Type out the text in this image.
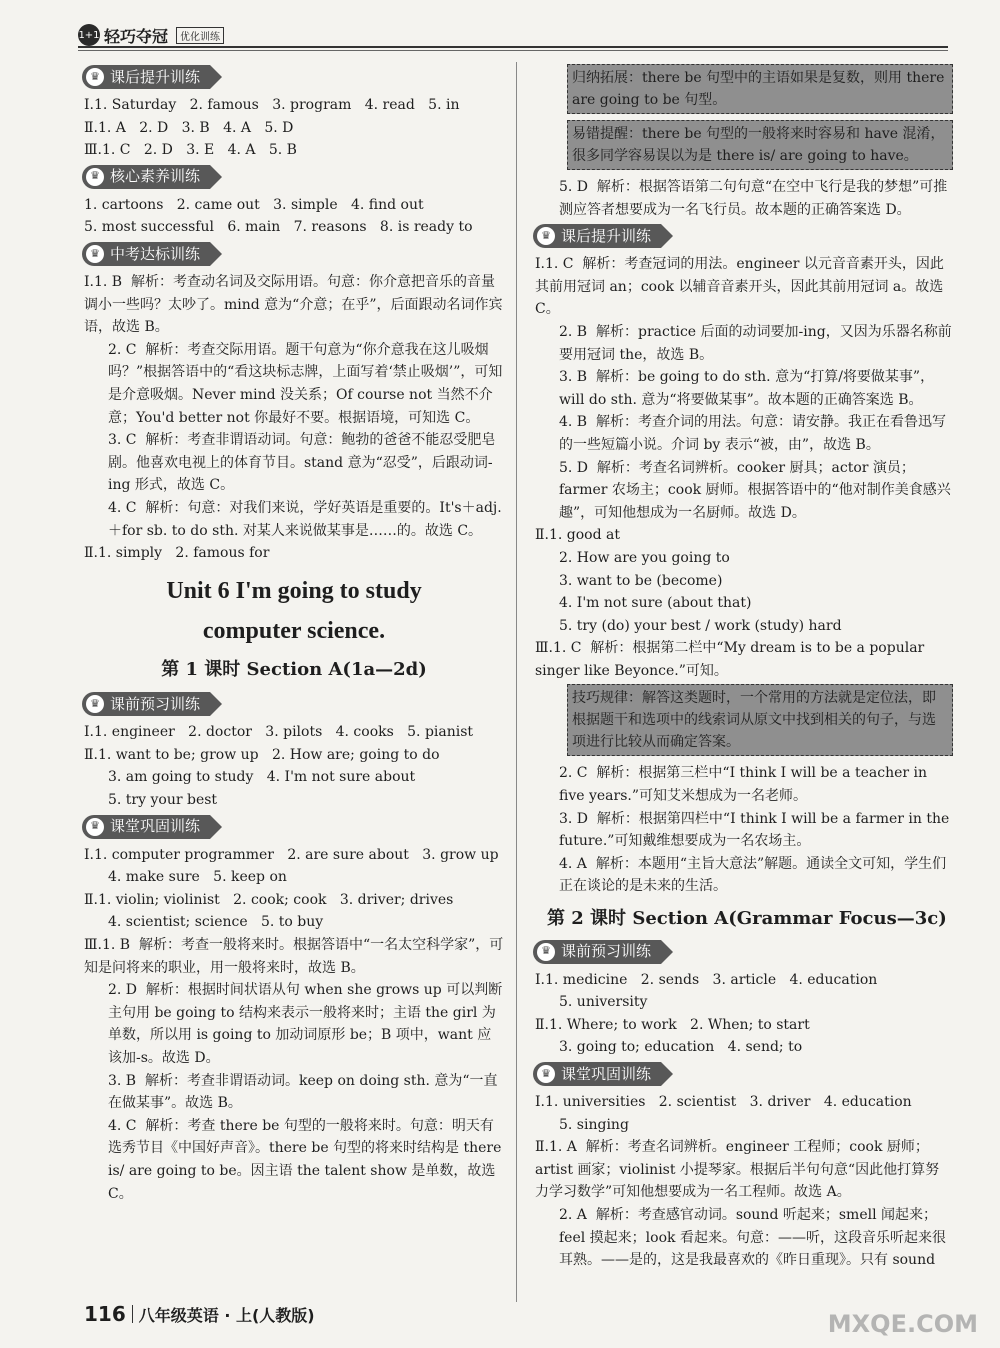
1+1 轻巧夺冠	优化训练
♛ 课后提升训练
Ⅰ.1. Saturday   2. famous   3. program   4. read   5. in
Ⅱ.1. A   2. D   3. B   4. A   5. D
Ⅲ.1. C   2. D   3. E   4. A   5. B
♛ 核心素养训练
1. cartoons   2. came out   3. simple   4. find out
5. most successful   6. main   7. reasons   8. is ready to
♛ 中考达标训练
Ⅰ.1. B  解析：考查动名词及交际用语。句意：你介意把音乐的音量调小一些吗？太吵了。mind 意为“介意；在乎”，后面跟动名词作宾语，故选 B。
2. C  解析：考查交际用语。题干句意为“你介意我在这儿吸烟吗？”根据答语中的“看这块标志牌，上面写着‘禁止吸烟’”，可知是介意吸烟。Never mind 没关系；Of course not 当然不介意；You'd better not 你最好不要。根据语境，可知选 C。
3. C  解析：考查非谓语动词。句意：鲍勃的爸爸不能忍受肥皂剧。他喜欢电视上的体育节目。stand 意为“忍受”，后跟动词-ing 形式，故选 C。
4. C  解析：句意：对我们来说，学好英语是重要的。It's＋adj.＋for sb. to do sth. 对某人来说做某事是……的。故选 C。
Ⅱ.1. simply   2. famous for
Unit 6 I'm going to study
computer science.
第 1 课时 Section A(1a—2d)
♛ 课前预习训练
Ⅰ.1. engineer   2. doctor   3. pilots   4. cooks   5. pianist
Ⅱ.1. want to be; grow up   2. How are; going to do
3. am going to study   4. I'm not sure about
5. try your best
♛ 课堂巩固训练
Ⅰ.1. computer programmer   2. are sure about   3. grow up
4. make sure   5. keep on
Ⅱ.1. violin; violinist   2. cook; cook   3. driver; drives
4. scientist; science   5. to buy
Ⅲ.1. B  解析：考查一般将来时。根据答语中“一名太空科学家”，可知是问将来的职业，用一般将来时，故选 B。
2. D  解析：根据时间状语从句 when she grows up 可以判断主句用 be going to 结构来表示一般将来时；主语 the girl 为单数，所以用 is going to 加动词原形 be；B 项中，want 应该加-s。故选 D。
3. B  解析：考查非谓语动词。keep on doing sth. 意为“一直在做某事”。故选 B。
4. C  解析：考查 there be 句型的一般将来时。句意：明天有选秀节目《中国好声音》。there be 句型的将来时结构是 there is/ are going to be。因主语 the talent show 是单数，故选 C。
归纳拓展：there be 句型中的主语如果是复数，则用 there are going to be 句型。
易错提醒：there be 句型的一般将来时容易和 have 混淆，很多同学容易误以为是 there is/ are going to have。
5. D  解析：根据答语第二句句意“在空中飞行是我的梦想”可推测应答者想要成为一名飞行员。故本题的正确答案选 D。
♛ 课后提升训练
Ⅰ.1. C  解析：考查冠词的用法。engineer 以元音音素开头，因此其前用冠词 an；cook 以辅音音素开头，因此其前用冠词 a。故选 C。
2. B  解析：practice 后面的动词要加-ing，又因为乐器名称前要用冠词 the，故选 B。
3. B  解析：be going to do sth. 意为“打算/将要做某事”，will do sth. 意为“将要做某事”。故本题的正确答案选 B。
4. B  解析：考查介词的用法。句意：请安静。我正在看鲁迅写的一些短篇小说。介词 by 表示“被，由”，故选 B。
5. D  解析：考查名词辨析。cooker 厨具；actor 演员；farmer 农场主；cook 厨师。根据答语中的“他对制作美食感兴趣”，可知他想成为一名厨师。故选 D。
Ⅱ.1. good at
2. How are you going to
3. want to be (become)
4. I'm not sure (about that)
5. try (do) your best / work (study) hard
Ⅲ.1. C  解析：根据第二栏中“My dream is to be a popular singer like Beyonce.”可知。
技巧规律：解答这类题时，一个常用的方法就是定位法，即根据题干和选项中的线索词从原文中找到相关的句子，与选项进行比较从而确定答案。
2. C  解析：根据第三栏中“I think I will be a teacher in five years.”可知艾米想成为一名老师。
3. D  解析：根据第四栏中“I think I will be a farmer in the future.”可知戴维想要成为一名农场主。
4. A  解析：本题用“主旨大意法”解题。通读全文可知，学生们正在谈论的是未来的生活。
第 2 课时 Section A(Grammar Focus—3c)
♛ 课前预习训练
Ⅰ.1. medicine   2. sends   3. article   4. education
5. university
Ⅱ.1. Where; to work   2. When; to start
3. going to; education   4. send; to
♛ 课堂巩固训练
Ⅰ.1. universities   2. scientist   3. driver   4. education
5. singing
Ⅱ.1. A  解析：考查名词辨析。engineer 工程师；cook 厨师；artist 画家；violinist 小提琴家。根据后半句句意“因此他打算努力学习数学”可知他想要成为一名工程师。故选 A。
2. A  解析：考查感官动词。sound 听起来；smell 闻起来；feel 摸起来；look 看起来。句意：——听，这段音乐听起来很耳熟。——是的，这是我最喜欢的《昨日重现》。只有 sound
116 八年级英语 · 上(人教版)	MXQE.COM
